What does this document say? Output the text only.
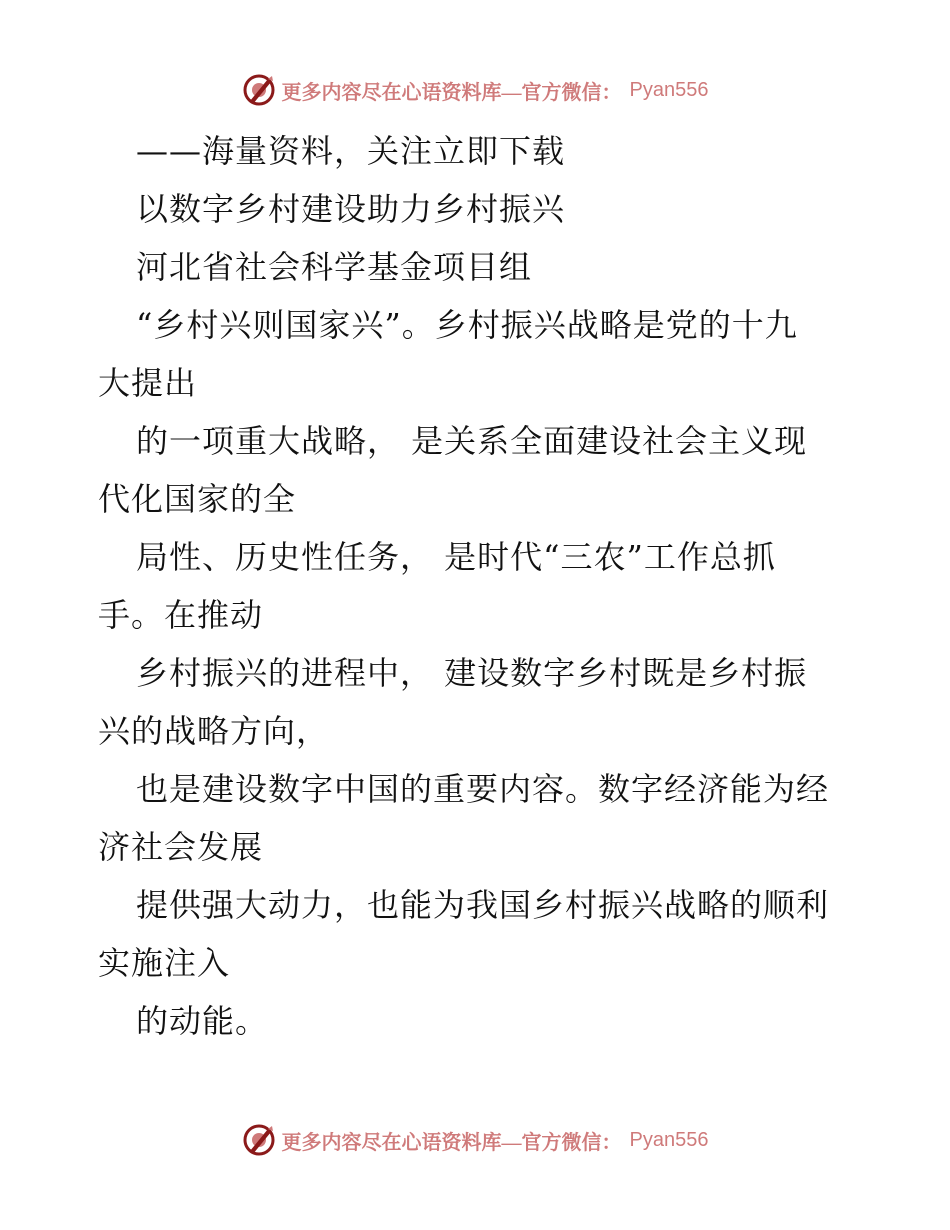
更多内容尽在心语资料库—官方微信： Pyan556
——海量资料，关注立即下载
以数字乡村建设助力乡村振兴
河北省社会科学基金项目组
“乡村兴则国家兴”。乡村振兴战略是党的十九
大提出
的一项重大战略， 是关系全面建设社会主义现
代化国家的全
局性、历史性任务， 是时代“三农”工作总抓
手。在推动
乡村振兴的进程中， 建设数字乡村既是乡村振
兴的战略方向，
也是建设数字中国的重要内容。数字经济能为经
济社会发展
提供强大动力，也能为我国乡村振兴战略的顺利
实施注入
的动能。
更多内容尽在心语资料库—官方微信： Pyan556
